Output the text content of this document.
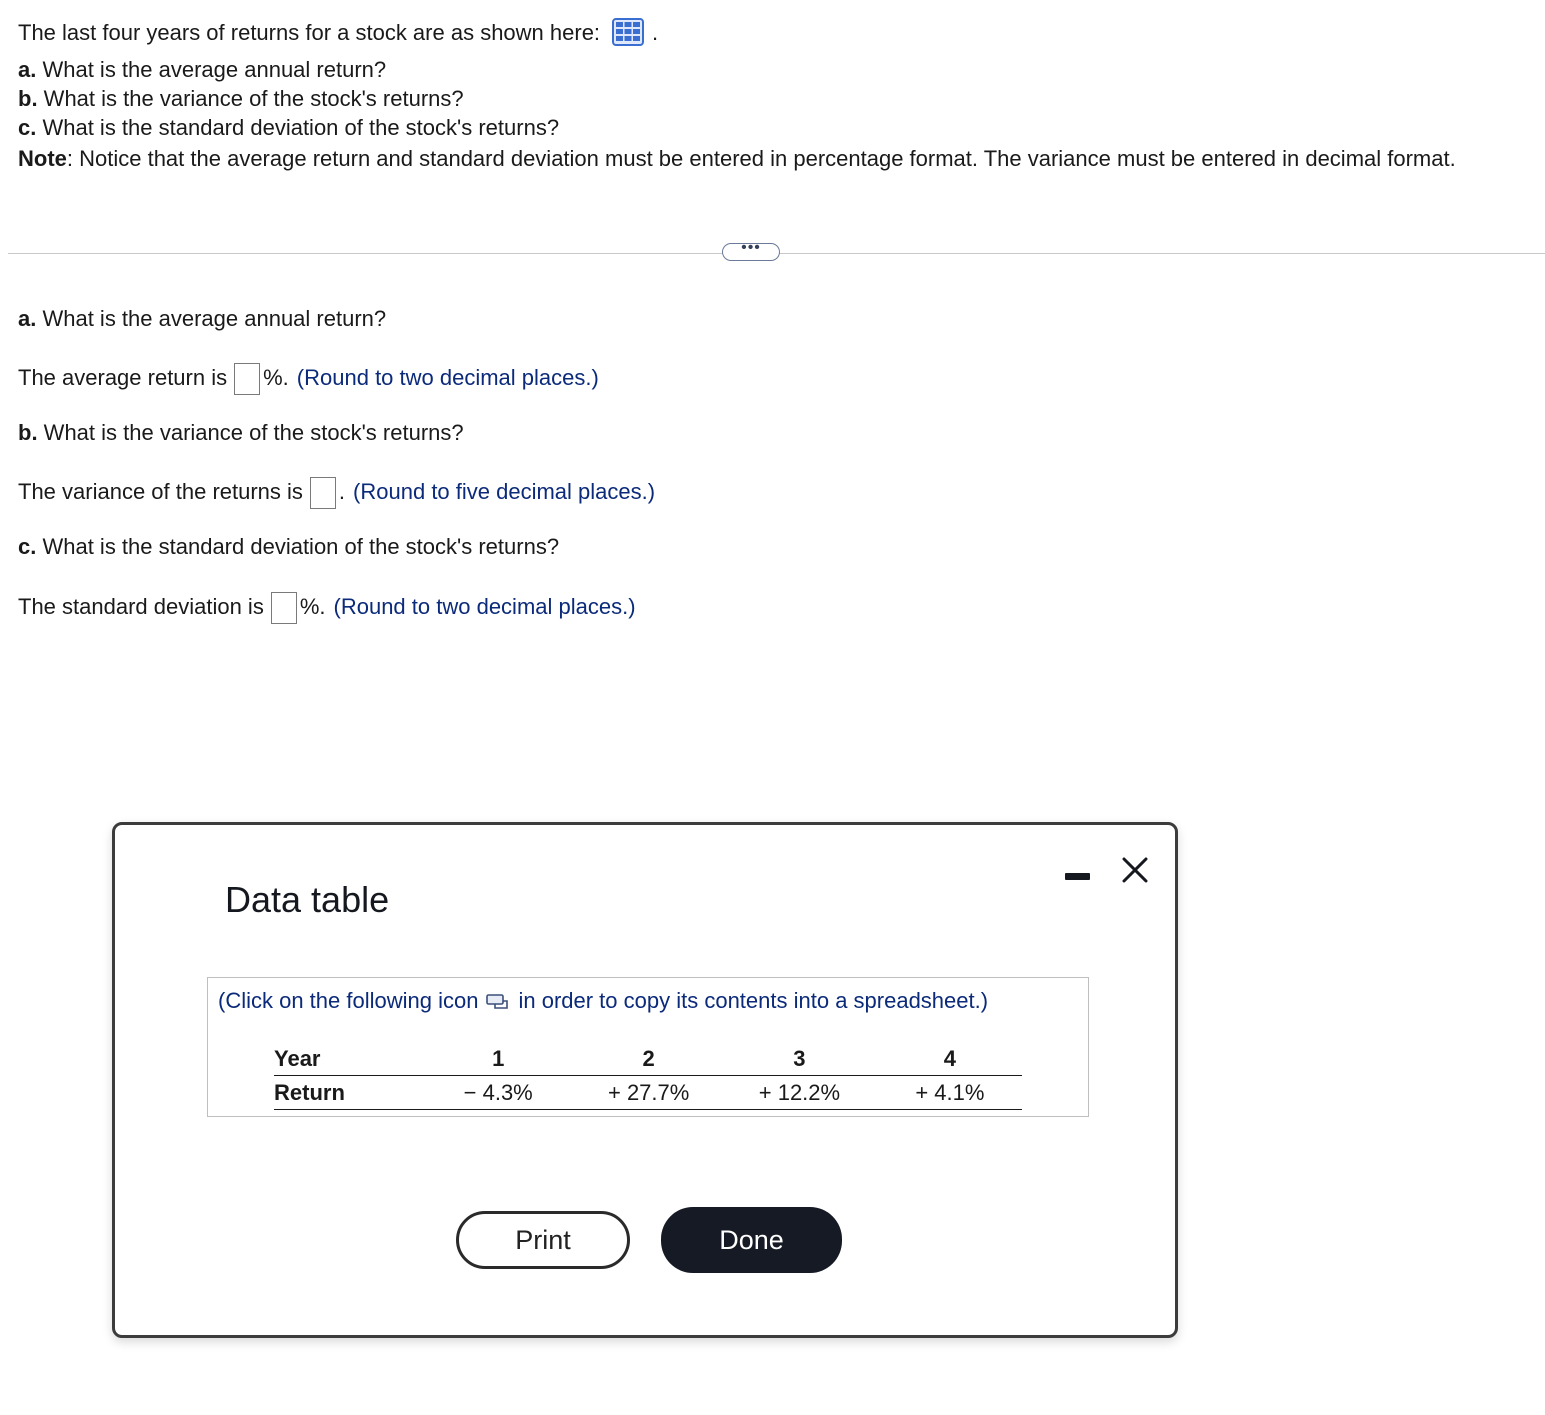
The last four years of returns for a stock are as shown here: .
a. What is the average annual return?
b. What is the variance of the stock's returns?
c. What is the standard deviation of the stock's returns?
Note: Notice that the average return and standard deviation must be entered in percentage format. The variance must be entered in decimal format.
•••
a. What is the average annual return?
The average return is %. (Round to two decimal places.)
b. What is the variance of the stock's returns?
The variance of the returns is . (Round to five decimal places.)
c. What is the standard deviation of the stock's returns?
The standard deviation is %. (Round to two decimal places.)
Data table
(Click on the following icon in order to copy its contents into a spreadsheet.)
Year	1	2	3	4
Return	− 4.3%	+ 27.7%	+ 12.2%	+ 4.1%
Print	Done
